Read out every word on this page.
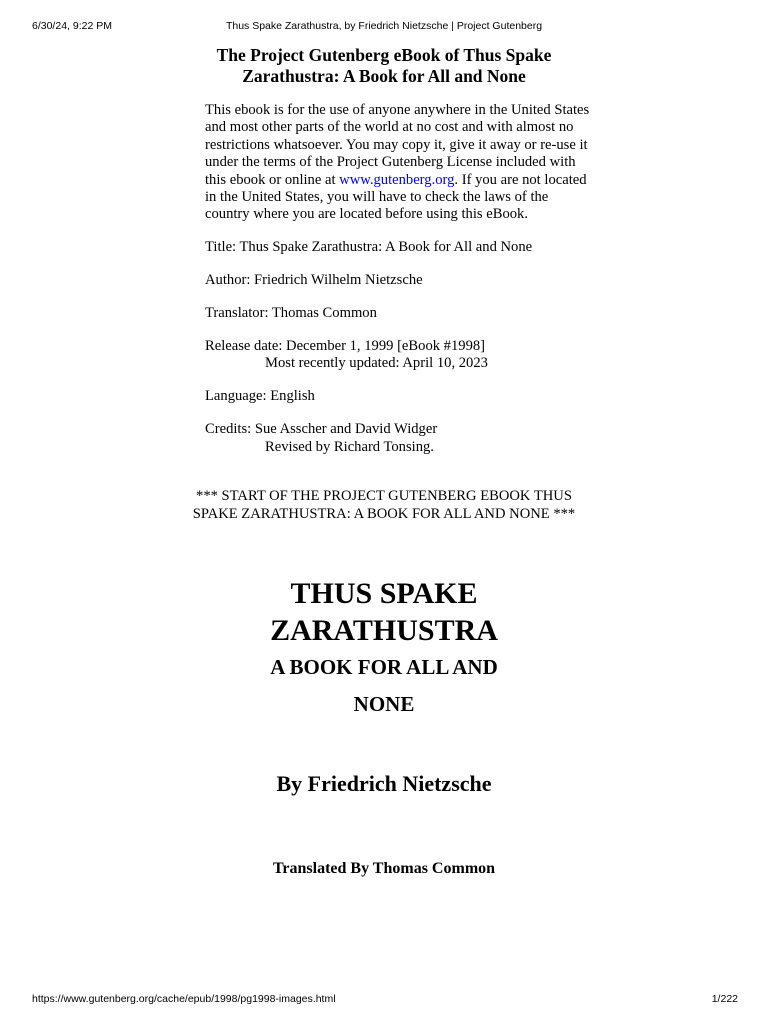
6/30/24, 9:22 PM	Thus Spake Zarathustra, by Friedrich Nietzsche | Project Gutenberg
The Project Gutenberg eBook of Thus Spake Zarathustra: A Book for All and None
This ebook is for the use of anyone anywhere in the United States and most other parts of the world at no cost and with almost no restrictions whatsoever. You may copy it, give it away or re-use it under the terms of the Project Gutenberg License included with this ebook or online at www.gutenberg.org. If you are not located in the United States, you will have to check the laws of the country where you are located before using this eBook.

Title: Thus Spake Zarathustra: A Book for All and None

Author: Friedrich Wilhelm Nietzsche

Translator: Thomas Common

Release date: December 1, 1999 [eBook #1998]
Most recently updated: April 10, 2023

Language: English

Credits: Sue Asscher and David Widger
Revised by Richard Tonsing.

*** START OF THE PROJECT GUTENBERG EBOOK THUS SPAKE ZARATHUSTRA: A BOOK FOR ALL AND NONE ***
THUS SPAKE
ZARATHUSTRA
A BOOK FOR ALL AND
NONE
By Friedrich Nietzsche
Translated By Thomas Common
https://www.gutenberg.org/cache/epub/1998/pg1998-images.html	1/222
